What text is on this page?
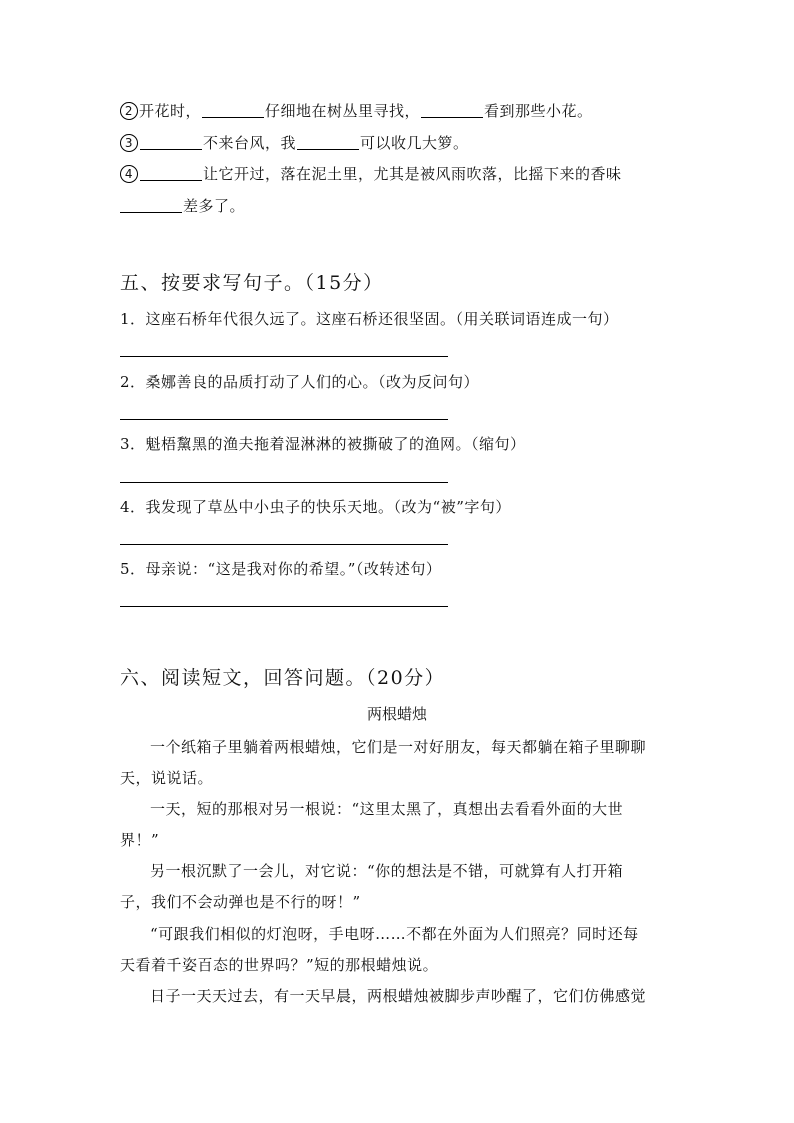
2 开花时，	仔细地在树丛里寻找，	看到那些小花。
3	不来台风，我	可以收几大箩。
4	让它开过，落在泥土里，尤其是被风雨吹落，比摇下来的香味
差多了。
五、按要求写句子。（15分）
1．这座石桥年代很久远了。这座石桥还很坚固。（用关联词语连成一句）
2．桑娜善良的品质打动了人们的心。（改为反问句）
3．魁梧黧黑的渔夫拖着湿淋淋的被撕破了的渔网。（缩句）
4．我发现了草丛中小虫子的快乐天地。（改为“被”字句）
5．母亲说：“这是我对你的希望。”（改转述句）
六、阅读短文，回答问题。（20分）
两根蜡烛
一个纸箱子里躺着两根蜡烛，它们是一对好朋友，每天都躺在箱子里聊聊
天，说说话。
一天，短的那根对另一根说：“这里太黑了，真想出去看看外面的大世
界！”
另一根沉默了一会儿，对它说：“你的想法是不错，可就算有人打开箱
子，我们不会动弹也是不行的呀！”
“可跟我们相似的灯泡呀，手电呀……不都在外面为人们照亮？同时还每
天看着千姿百态的世界吗？”短的那根蜡烛说。
日子一天天过去，有一天早晨，两根蜡烛被脚步声吵醒了，它们仿佛感觉
